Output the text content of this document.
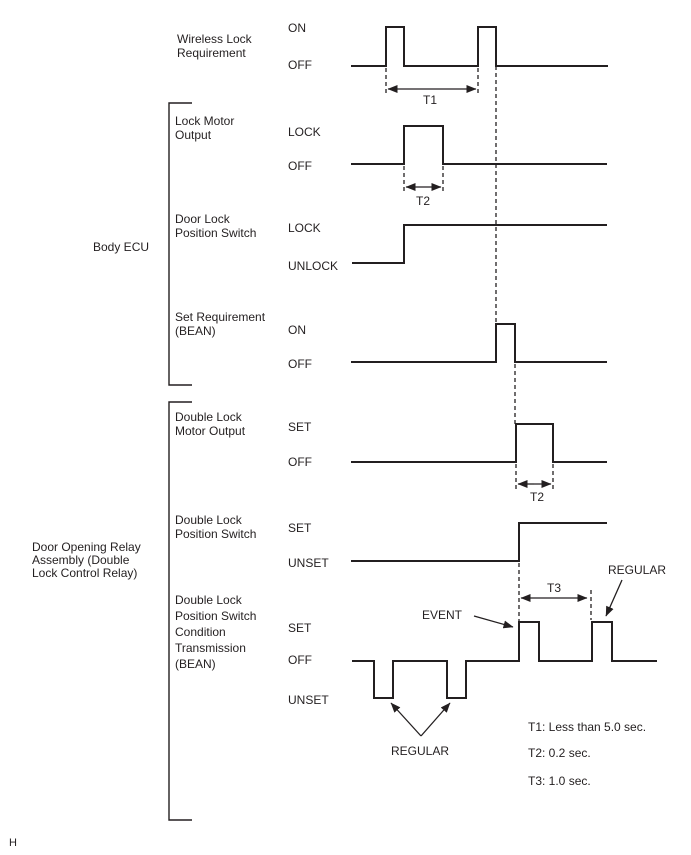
Body ECU
Door Opening Relay
Assembly (Double
Lock Control Relay)
Wireless Lock
Requirement
Lock Motor
Output
Door Lock
Position Switch
Set Requirement
(BEAN)
Double Lock
Motor Output
Double Lock
Position Switch
Double Lock
Position Switch
Condition
Transmission
(BEAN)
ON
OFF
LOCK
OFF
LOCK
UNLOCK
ON
OFF
SET
OFF
SET
UNSET
SET
OFF
UNSET
T1
T2
T2
T3
EVENT
REGULAR
REGULAR
T1: Less than 5.0 sec.
T2: 0.2 sec.
T3: 1.0 sec.
H
